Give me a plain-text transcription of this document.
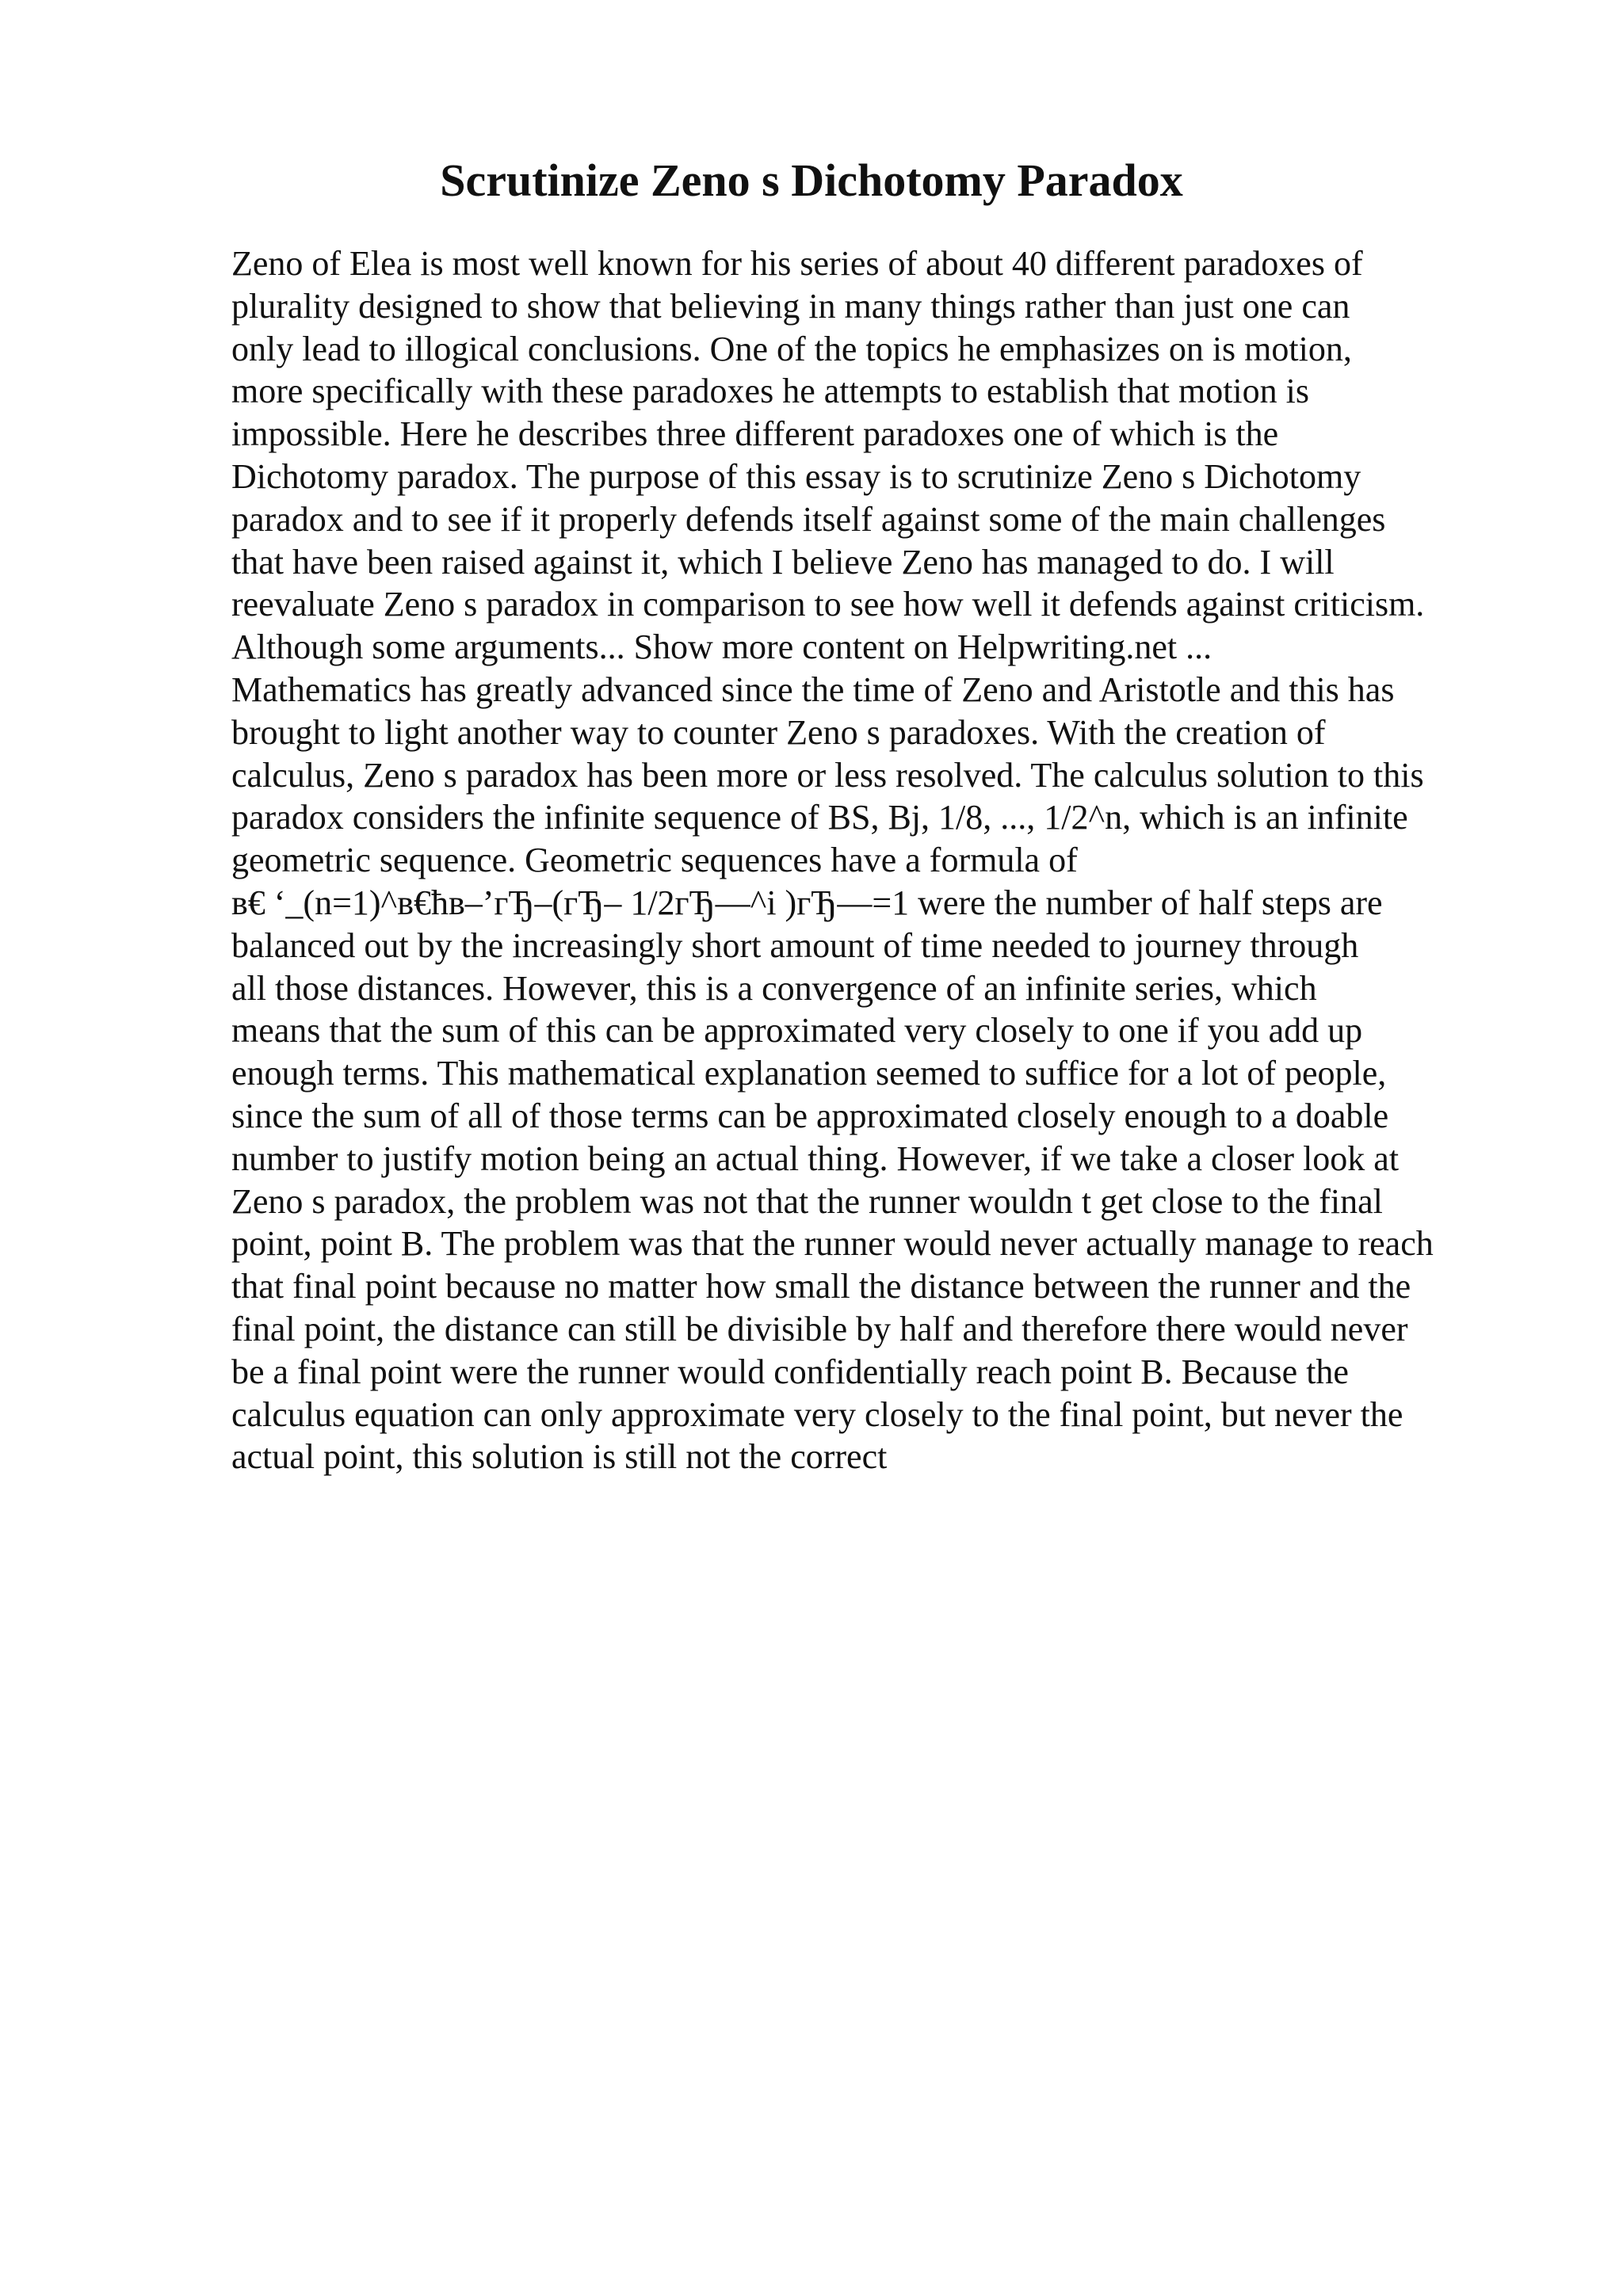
Scrutinize Zeno s Dichotomy Paradox
Zeno of Elea is most well known for his series of about 40 different paradoxes of
plurality designed to show that believing in many things rather than just one can
only lead to illogical conclusions. One of the topics he emphasizes on is motion,
more specifically with these paradoxes he attempts to establish that motion is
impossible. Here he describes three different paradoxes one of which is the
Dichotomy paradox. The purpose of this essay is to scrutinize Zeno s Dichotomy
paradox and to see if it properly defends itself against some of the main challenges
that have been raised against it, which I believe Zeno has managed to do. I will
reevaluate Zeno s paradox in comparison to see how well it defends against criticism.
Although some arguments... Show more content on Helpwriting.net ...
Mathematics has greatly advanced since the time of Zeno and Aristotle and this has
brought to light another way to counter Zeno s paradoxes. With the creation of
calculus, Zeno s paradox has been more or less resolved. The calculus solution to this
paradox considers the infinite sequence of BS, Bj, 1/8, ..., 1/2^n, which is an infinite
geometric sequence. Geometric sequences have a formula of
в€ ‘_(n=1)^в€ћв–’гЂ–(гЂ– 1/2гЂ—^i )гЂ—=1 were the number of half steps are
balanced out by the increasingly short amount of time needed to journey through
all those distances. However, this is a convergence of an infinite series, which
means that the sum of this can be approximated very closely to one if you add up
enough terms. This mathematical explanation seemed to suffice for a lot of people,
since the sum of all of those terms can be approximated closely enough to a doable
number to justify motion being an actual thing. However, if we take a closer look at
Zeno s paradox, the problem was not that the runner wouldn t get close to the final
point, point B. The problem was that the runner would never actually manage to reach
that final point because no matter how small the distance between the runner and the
final point, the distance can still be divisible by half and therefore there would never
be a final point were the runner would confidentially reach point B. Because the
calculus equation can only approximate very closely to the final point, but never the
actual point, this solution is still not the correct
